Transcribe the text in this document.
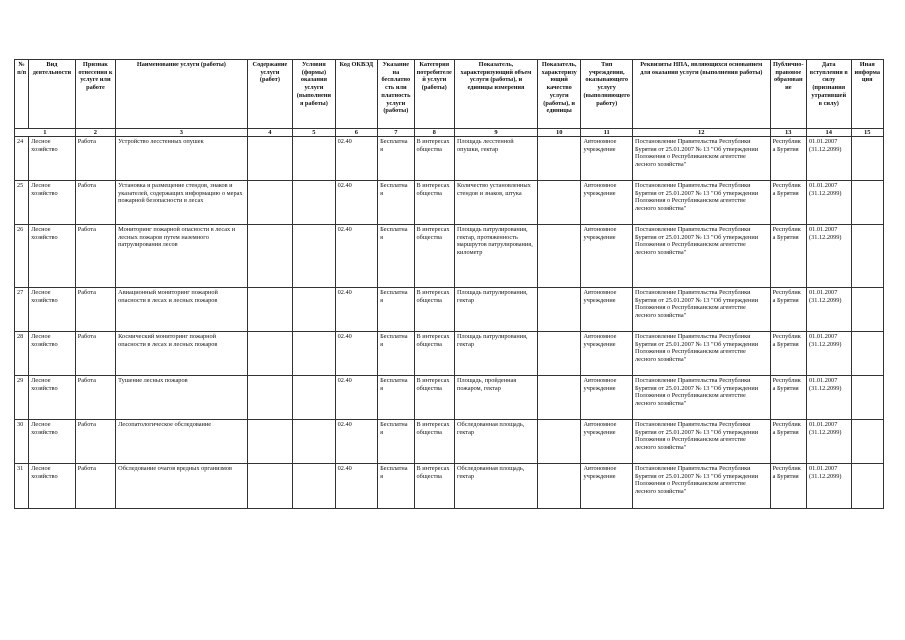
№ п/п	Вид деятельности	Признак отнесения к услуге или работе	Наименование услуги (работы)	Содержание услуги (работ)	Условия (формы) оказания услуги (выполнения работы)	Код ОКВЭД	Указание на бесплатность или платность услуги (работы)	Категория потребителей услуги (работы)	Показатель, характеризующий объем услуги (работы), и единицы измерения	Показатель, характеризующий качество услуги (работы), и единицы	Тип учреждения, оказывающего услугу (выполняющего работу)	Реквизиты НПА, являющихся основанием для оказания услуги (выполнения работы)	Публично-правовое образование	Дата вступления в силу (признания утратившей в силу)	Иная информация
1		2	3	4	5	6	7	8	9	10	11	12	13	14	15
24	Лесное хозяйство	Работа	Устройство лесстенных опушек			02.40	Бесплатна я	В интересах общества	Площадь лесстенной опушки, гектар		Автономное учреждение	Постановление Правительства Республики Бурятия от 25.01.2007 № 13 "Об утверждении Положения о Республиканском агентстве лесного хозяйства"	Республик а Бурятия	01.01.2007 (31.12.2099)	
25	Лесное хозяйство	Работа	Установка и размещение стендов, знаков и указателей, содержащих информацию о мерах пожарной безопасности в лесах			02.40	Бесплатна я	В интересах общества	Количество установленных стендов и знаков, штука		Автономное учреждение	Постановление Правительства Республики Бурятия от 25.01.2007 № 13 "Об утверждении Положения о Республиканском агентстве лесного хозяйства"	Республик а Бурятия	01.01.2007 (31.12.2099)	
26	Лесное хозяйство	Работа	Мониторинг пожарной опасности в лесах и лесных пожаров путем наземного патрулирования лесов			02.40	Бесплатна я	В интересах общества	Площадь патрулирования, гектар, протяженность маршрутов патрулирования, километр		Автономное учреждение	Постановление Правительства Республики Бурятия от 25.01.2007 № 13 "Об утверждении Положения о Республиканском агентстве лесного хозяйства"	Республик а Бурятия	01.01.2007 (31.12.2099)	
27	Лесное хозяйство	Работа	Авиационный мониторинг пожарной опасности в лесах и лесных пожаров			02.40	Бесплатна я	В интересах общества	Площадь патрулирования, гектар		Автономное учреждение	Постановление Правительства Республики Бурятия от 25.01.2007 № 13 "Об утверждении Положения о Республиканском агентстве лесного хозяйства"	Республик а Бурятия	01.01.2007 (31.12.2099)	
28	Лесное хозяйство	Работа	Космический мониторинг пожарной опасности в лесах и лесных пожаров			02.40	Бесплатна я	В интересах общества	Площадь патрулирования, гектар		Автономное учреждение	Постановление Правительства Республики Бурятия от 25.01.2007 № 13 "Об утверждении Положения о Республиканском агентстве лесного хозяйства"	Республик а Бурятия	01.01.2007 (31.12.2099)	
29	Лесное хозяйство	Работа	Тушение лесных пожаров			02.40	Бесплатна я	В интересах общества	Площадь, пройденная пожаром, гектар		Автономное учреждение	Постановление Правительства Республики Бурятия от 25.01.2007 № 13 "Об утверждении Положения о Республиканском агентстве лесного хозяйства"	Республик а Бурятия	01.01.2007 (31.12.2099)	
30	Лесное хозяйство	Работа	Лесопатологическое обследование			02.40	Бесплатна я	В интересах общества	Обследованная площадь, гектар		Автономное учреждение	Постановление Правительства Республики Бурятия от 25.01.2007 № 13 "Об утверждении Положения о Республиканском агентстве лесного хозяйства"	Республик а Бурятия	01.01.2007 (31.12.2099)	
31	Лесное хозяйство	Работа	Обследование очагов вредных организмов			02.40	Бесплатна я	В интересах общества	Обследованная площадь, гектар		Автономное учреждение	Постановление Правительства Республики Бурятия от 25.01.2007 № 13 "Об утверждении Положения о Республиканском агентстве лесного хозяйства"	Республик а Бурятия	01.01.2007 (31.12.2099)	
